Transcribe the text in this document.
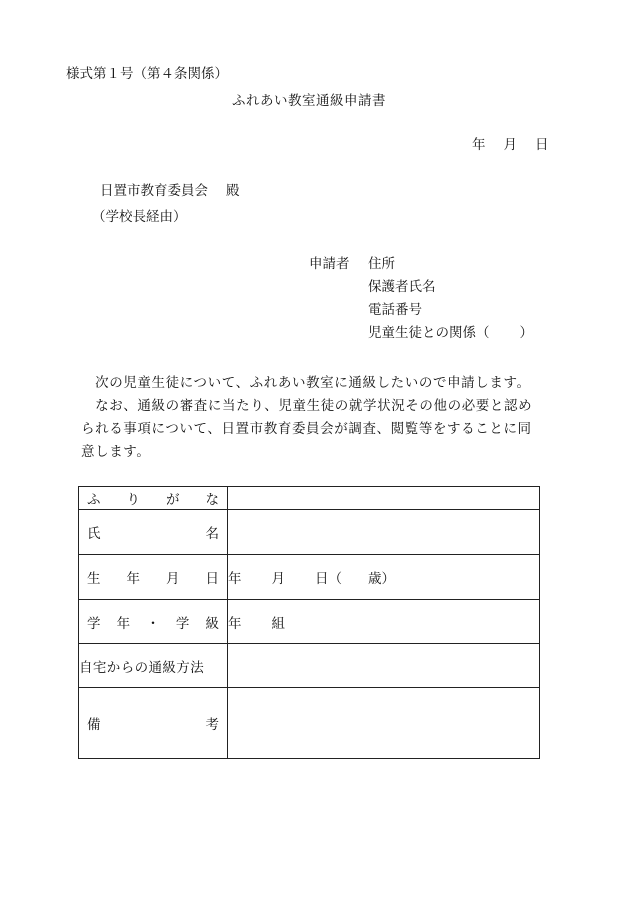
様式第１号（第４条関係）
ふれあい教室通級申請書
年 月 日
日置市教育委員会 殿
（学校長経由）
申請者 住所
保護者氏名
電話番号
児童生徒との関係（ ）
　次の児童生徒について、ふれあい教室に通級したいので申請します。
　なお、通級の審査に当たり、児童生徒の就学状況その他の必要と認め
られる事項について、日置市教育委員会が調査、閲覧等をすることに同
意します。
ふ り が な	

氏 名	

生 年 月 日	年 月 日（ 歳）

学 年 ・ 学 級	年 組
自宅からの通級方法	

備 考	
